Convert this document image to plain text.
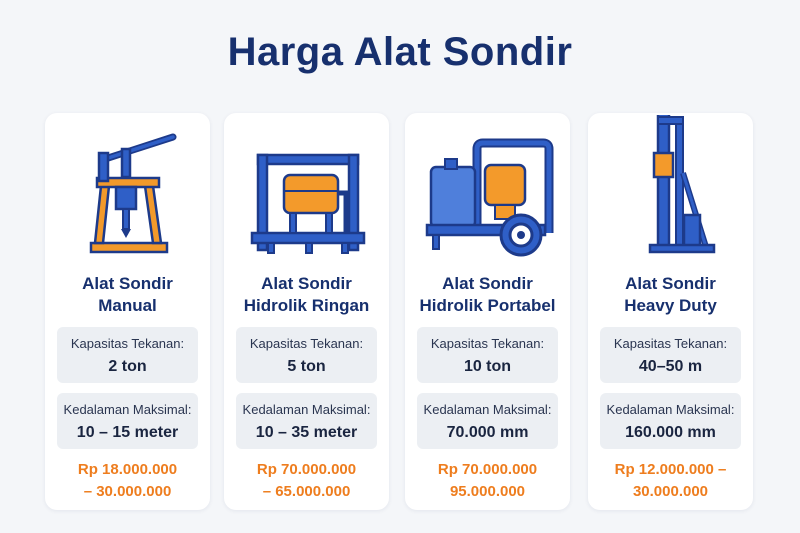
Harga Alat Sondir
Alat Sondir
Manual
Kapasitas Tekanan:
2 ton
Kedalaman Maksimal:
10 – 15 meter
Rp 18.000.000
– 30.000.000
Alat Sondir
Hidrolik Ringan
Kapasitas Tekanan:
5 ton
Kedalaman Maksimal:
10 – 35 meter
Rp 70.000.000
– 65.000.000
Alat Sondir
Hidrolik Portabel
Kapasitas Tekanan:
10 ton
Kedalaman Maksimal:
70.000 mm
Rp 70.000.000
95.000.000
Alat Sondir
Heavy Duty
Kapasitas Tekanan:
40–50 m
Kedalaman Maksimal:
160.000 mm
Rp 12.000.000 –
30.000.000
